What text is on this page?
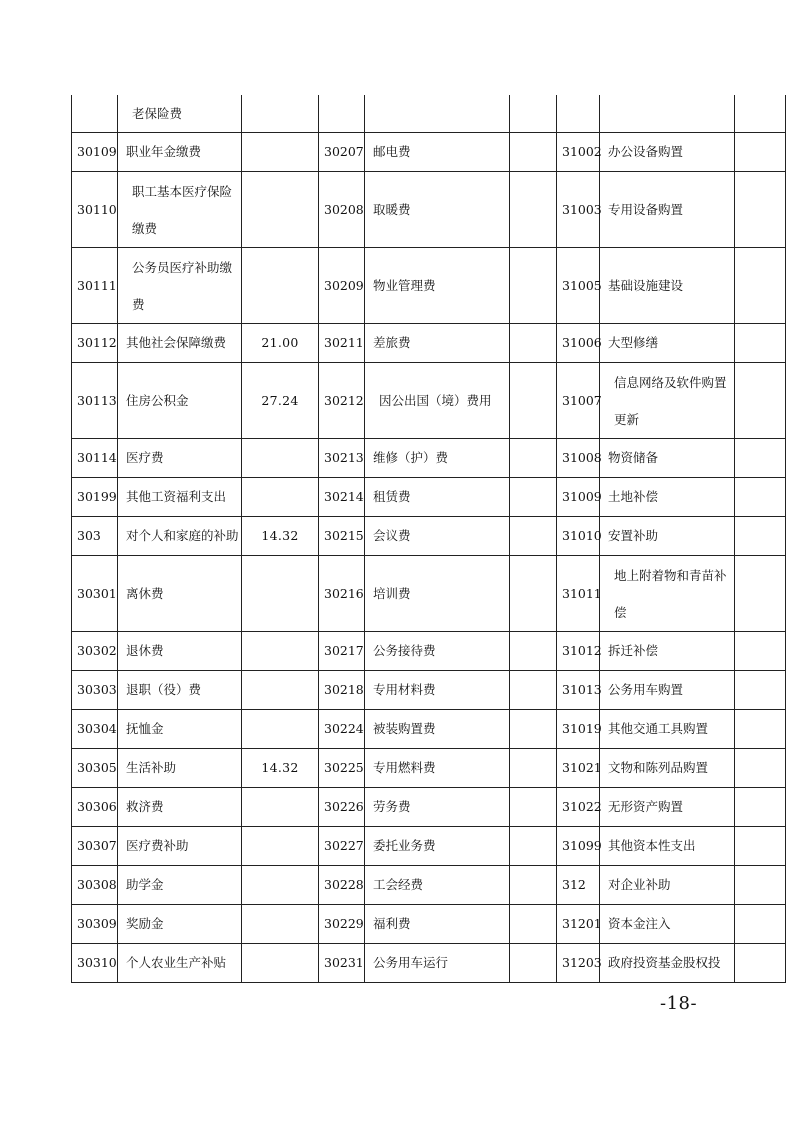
	老保险费							
30109	职业年金缴费		30207	邮电费		31002	办公设备购置	
30110	职工基本医疗保险缴费		30208	取暖费		31003	专用设备购置	
30111	公务员医疗补助缴费		30209	物业管理费		31005	基础设施建设	
30112	其他社会保障缴费	21.00	30211	差旅费		31006	大型修缮	
30113	住房公积金	27.24	30212	因公出国（境）费用		31007	信息网络及软件购置更新	
30114	医疗费		30213	维修（护）费		31008	物资储备	
30199	其他工资福利支出		30214	租赁费		31009	土地补偿	
303	对个人和家庭的补助	14.32	30215	会议费		31010	安置补助	
30301	离休费		30216	培训费		31011	地上附着物和青苗补偿	
30302	退休费		30217	公务接待费		31012	拆迁补偿	
30303	退职（役）费		30218	专用材料费		31013	公务用车购置	
30304	抚恤金		30224	被装购置费		31019	其他交通工具购置	
30305	生活补助	14.32	30225	专用燃料费		31021	文物和陈列品购置	
30306	救济费		30226	劳务费		31022	无形资产购置	
30307	医疗费补助		30227	委托业务费		31099	其他资本性支出	
30308	助学金		30228	工会经费		312	对企业补助	
30309	奖励金		30229	福利费		31201	资本金注入	
30310	个人农业生产补贴		30231	公务用车运行		31203	政府投资基金股权投	
-18-
